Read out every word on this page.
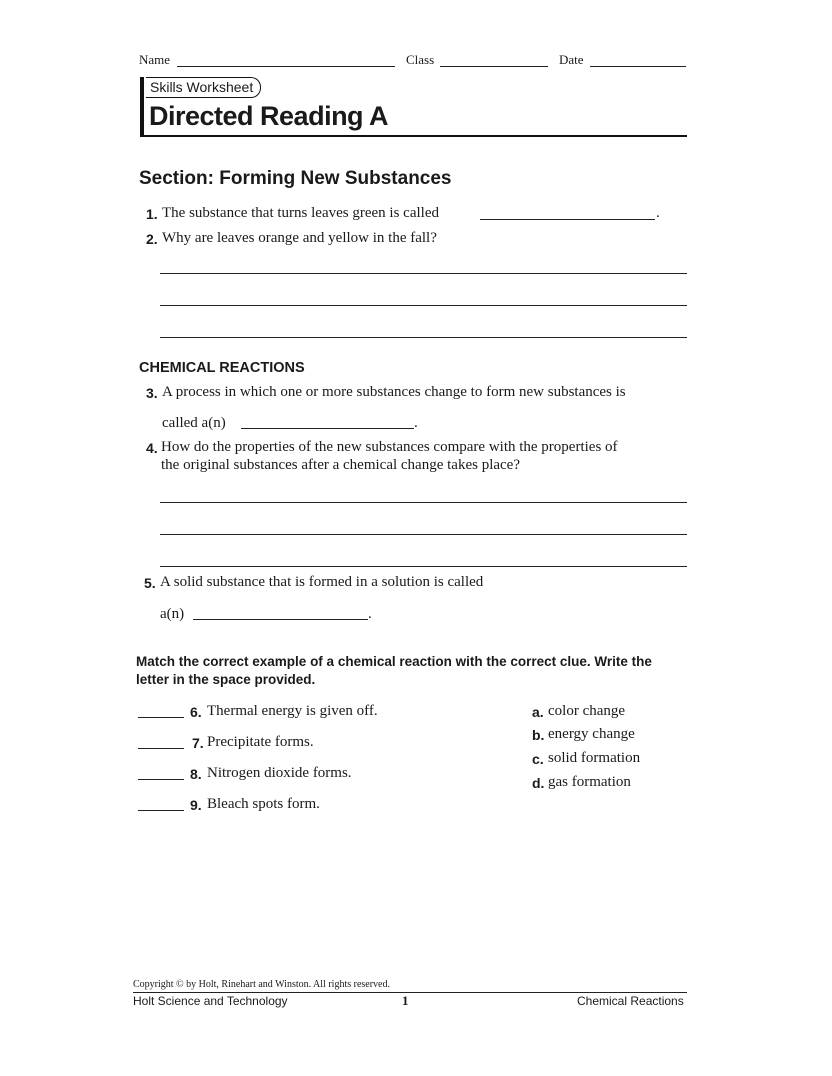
Name	Class	Date
Skills Worksheet
Directed Reading A
Section: Forming New Substances
1. The substance that turns leaves green is called	.
2. Why are leaves orange and yellow in the fall?
CHEMICAL REACTIONS
3. A process in which one or more substances change to form new substances is
called a(n)	.
4. How do the properties of the new substances compare with the properties of
the original substances after a chemical change takes place?
5. A solid substance that is formed in a solution is called
a(n)	.
Match the correct example of a chemical reaction with the correct clue. Write the
letter in the space provided.
6. Thermal energy is given off.
7. Precipitate forms.
8. Nitrogen dioxide forms.
9. Bleach spots form.
a. color change
b. energy change
c. solid formation
d. gas formation
Copyright © by Holt, Rinehart and Winston. All rights reserved.
Holt Science and Technology	1	Chemical Reactions
